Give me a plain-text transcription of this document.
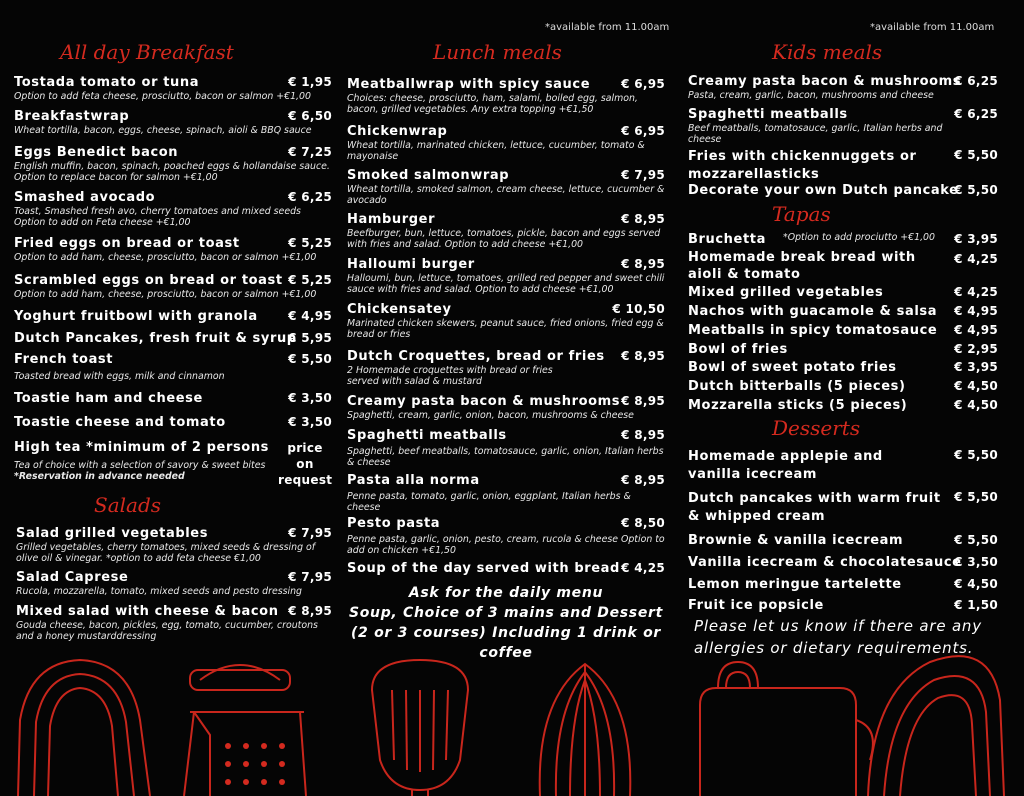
All day Breakfast
Tostada tomato or tuna	€ 1,95
Option to add feta cheese, prosciutto, bacon or salmon +€1,00
Breakfastwrap	€ 6,50
Wheat tortilla, bacon, eggs, cheese, spinach, aioli & BBQ sauce
Eggs Benedict bacon	€ 7,25
English muffin, bacon, spinach, poached eggs & hollandaise sauce. Option to replace bacon for salmon +€1,00
Smashed avocado	€ 6,25
Toast, Smashed fresh avo, cherry tomatoes and mixed seeds Option to add on Feta cheese +€1,00
Fried eggs on bread or toast	€ 5,25
Option to add ham, cheese, prosciutto, bacon or salmon +€1,00
Scrambled eggs on bread or toast € 5,25
Option to add ham, cheese, prosciutto, bacon or salmon +€1,00
Yoghurt fruitbowl with granola	€ 4,95
Dutch Pancakes, fresh fruit & syrup
€ 5,95
French toast	€ 5,50
Toasted bread with eggs, milk and cinnamon
Toastie ham and cheese	€ 3,50
Toastie cheese and tomato	€ 3,50
High tea *minimum of 2 persons	price on request
Tea of choice with a selection of savory & sweet bites
*Reservation in advance needed
Salads
Salad grilled vegetables	€ 7,95
Grilled vegetables, cherry tomatoes, mixed seeds & dressing of olive oil & vinegar. *option to add feta cheese €1,00
Salad Caprese	€ 7,95
Rucola, mozzarella, tomato, mixed seeds and pesto dressing
Mixed salad with cheese & bacon € 8,95
Gouda cheese, bacon, pickles, egg, tomato, cucumber, croutons and a honey mustarddressing
*available from 11.00am
Lunch meals
Meatballwrap with spicy sauce	€ 6,95
Choices: cheese, prosciutto, ham, salami, boiled egg, salmon, bacon, grilled vegetables. Any extra topping +€1,50
Chickenwrap	€ 6,95
Wheat tortilla, marinated chicken, lettuce, cucumber, tomato & mayonaise
Smoked salmonwrap	€ 7,95
Wheat tortilla, smoked salmon, cream cheese, lettuce, cucumber & avocado
Hamburger	€ 8,95
Beefburger, bun, lettuce, tomatoes, pickle, bacon and eggs served with fries and salad. Option to add cheese +€1,00
Halloumi burger	€ 8,95
Halloumi, bun, lettuce, tomatoes, grilled red pepper and sweet chili sauce with fries and salad. Option to add cheese +€1,00
Chickensatey	€ 10,50
Marinated chicken skewers, peanut sauce, fried onions, fried egg & bread or fries
Dutch Croquettes, bread or fries	€ 8,95
2 Homemade croquettes with bread or fries served with salad & mustard
Creamy pasta bacon & mushrooms € 8,95
Spaghetti, cream, garlic, onion, bacon, mushrooms & cheese
Spaghetti meatballs	€ 8,95
Spaghetti, beef meatballs, tomatosauce, garlic, onion, Italian herbs & cheese
Pasta alla norma	€ 8,95
Penne pasta, tomato, garlic, onion, eggplant, Italian herbs & cheese
Pesto pasta	€ 8,50
Penne pasta, garlic, onion, pesto, cream, rucola & cheese Option to add on chicken +€1,50
Soup of the day served with bread € 4,25
Ask for the daily menu
Soup, Choice of 3 mains and Dessert
(2 or 3 courses) Including 1 drink or
coffee
*available from 11.00am
Kids meals
Creamy pasta bacon & mushrooms
€ 6,25
Pasta, cream, garlic, bacon, mushrooms and cheese
Spaghetti meatballs	€ 6,25
Beef meatballs, tomatosauce, garlic, Italian herbs and cheese
Fries with chickennuggets or mozzarellasticks
€ 5,50
Decorate your own Dutch pancake
€ 5,50
Tapas
Bruchetta	*Option to add prociutto +€1,00 € 3,95
Homemade break bread with aioli & tomato
€ 4,25
Mixed grilled vegetables	€ 4,25
Nachos with guacamole & salsa	€ 4,95
Meatballs in spicy tomatosauce	€ 4,95
Bowl of fries	€ 2,95
Bowl of sweet potato fries	€ 3,95
Dutch bitterballs (5 pieces)	€ 4,50
Mozzarella sticks (5 pieces)	€ 4,50
Desserts
Homemade applepie and vanilla icecream
€ 5,50
Dutch pancakes with warm fruit & whipped cream
€ 5,50
Brownie & vanilla icecream	€ 5,50
Vanilla icecream & chocolatesauce
€ 3,50
Lemon meringue tartelette	€ 4,50
Fruit ice popsicle	€ 1,50
Please let us know if there are any
allergies or dietary requirements.
